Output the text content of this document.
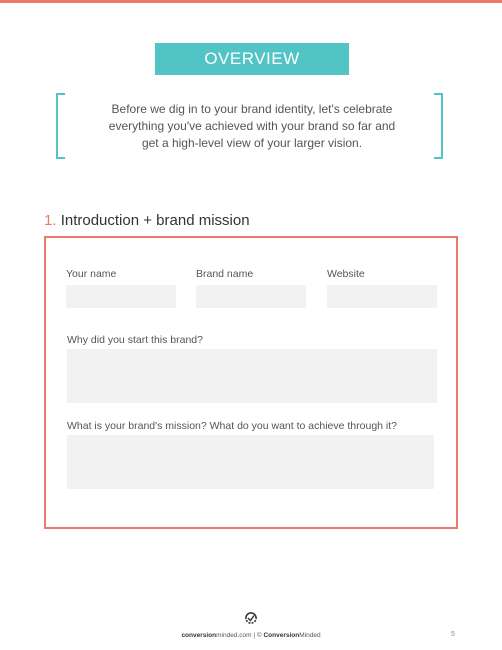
OVERVIEW
Before we dig in to your brand identity, let's celebrate
everything you've achieved with your brand so far and
get a high-level view of your larger vision.
1. Introduction + brand mission
Your name	Brand name	Website
Why did you start this brand?
What is your brand's mission? What do you want to achieve through it?
conversionminded.com | © ConversionMinded	5
